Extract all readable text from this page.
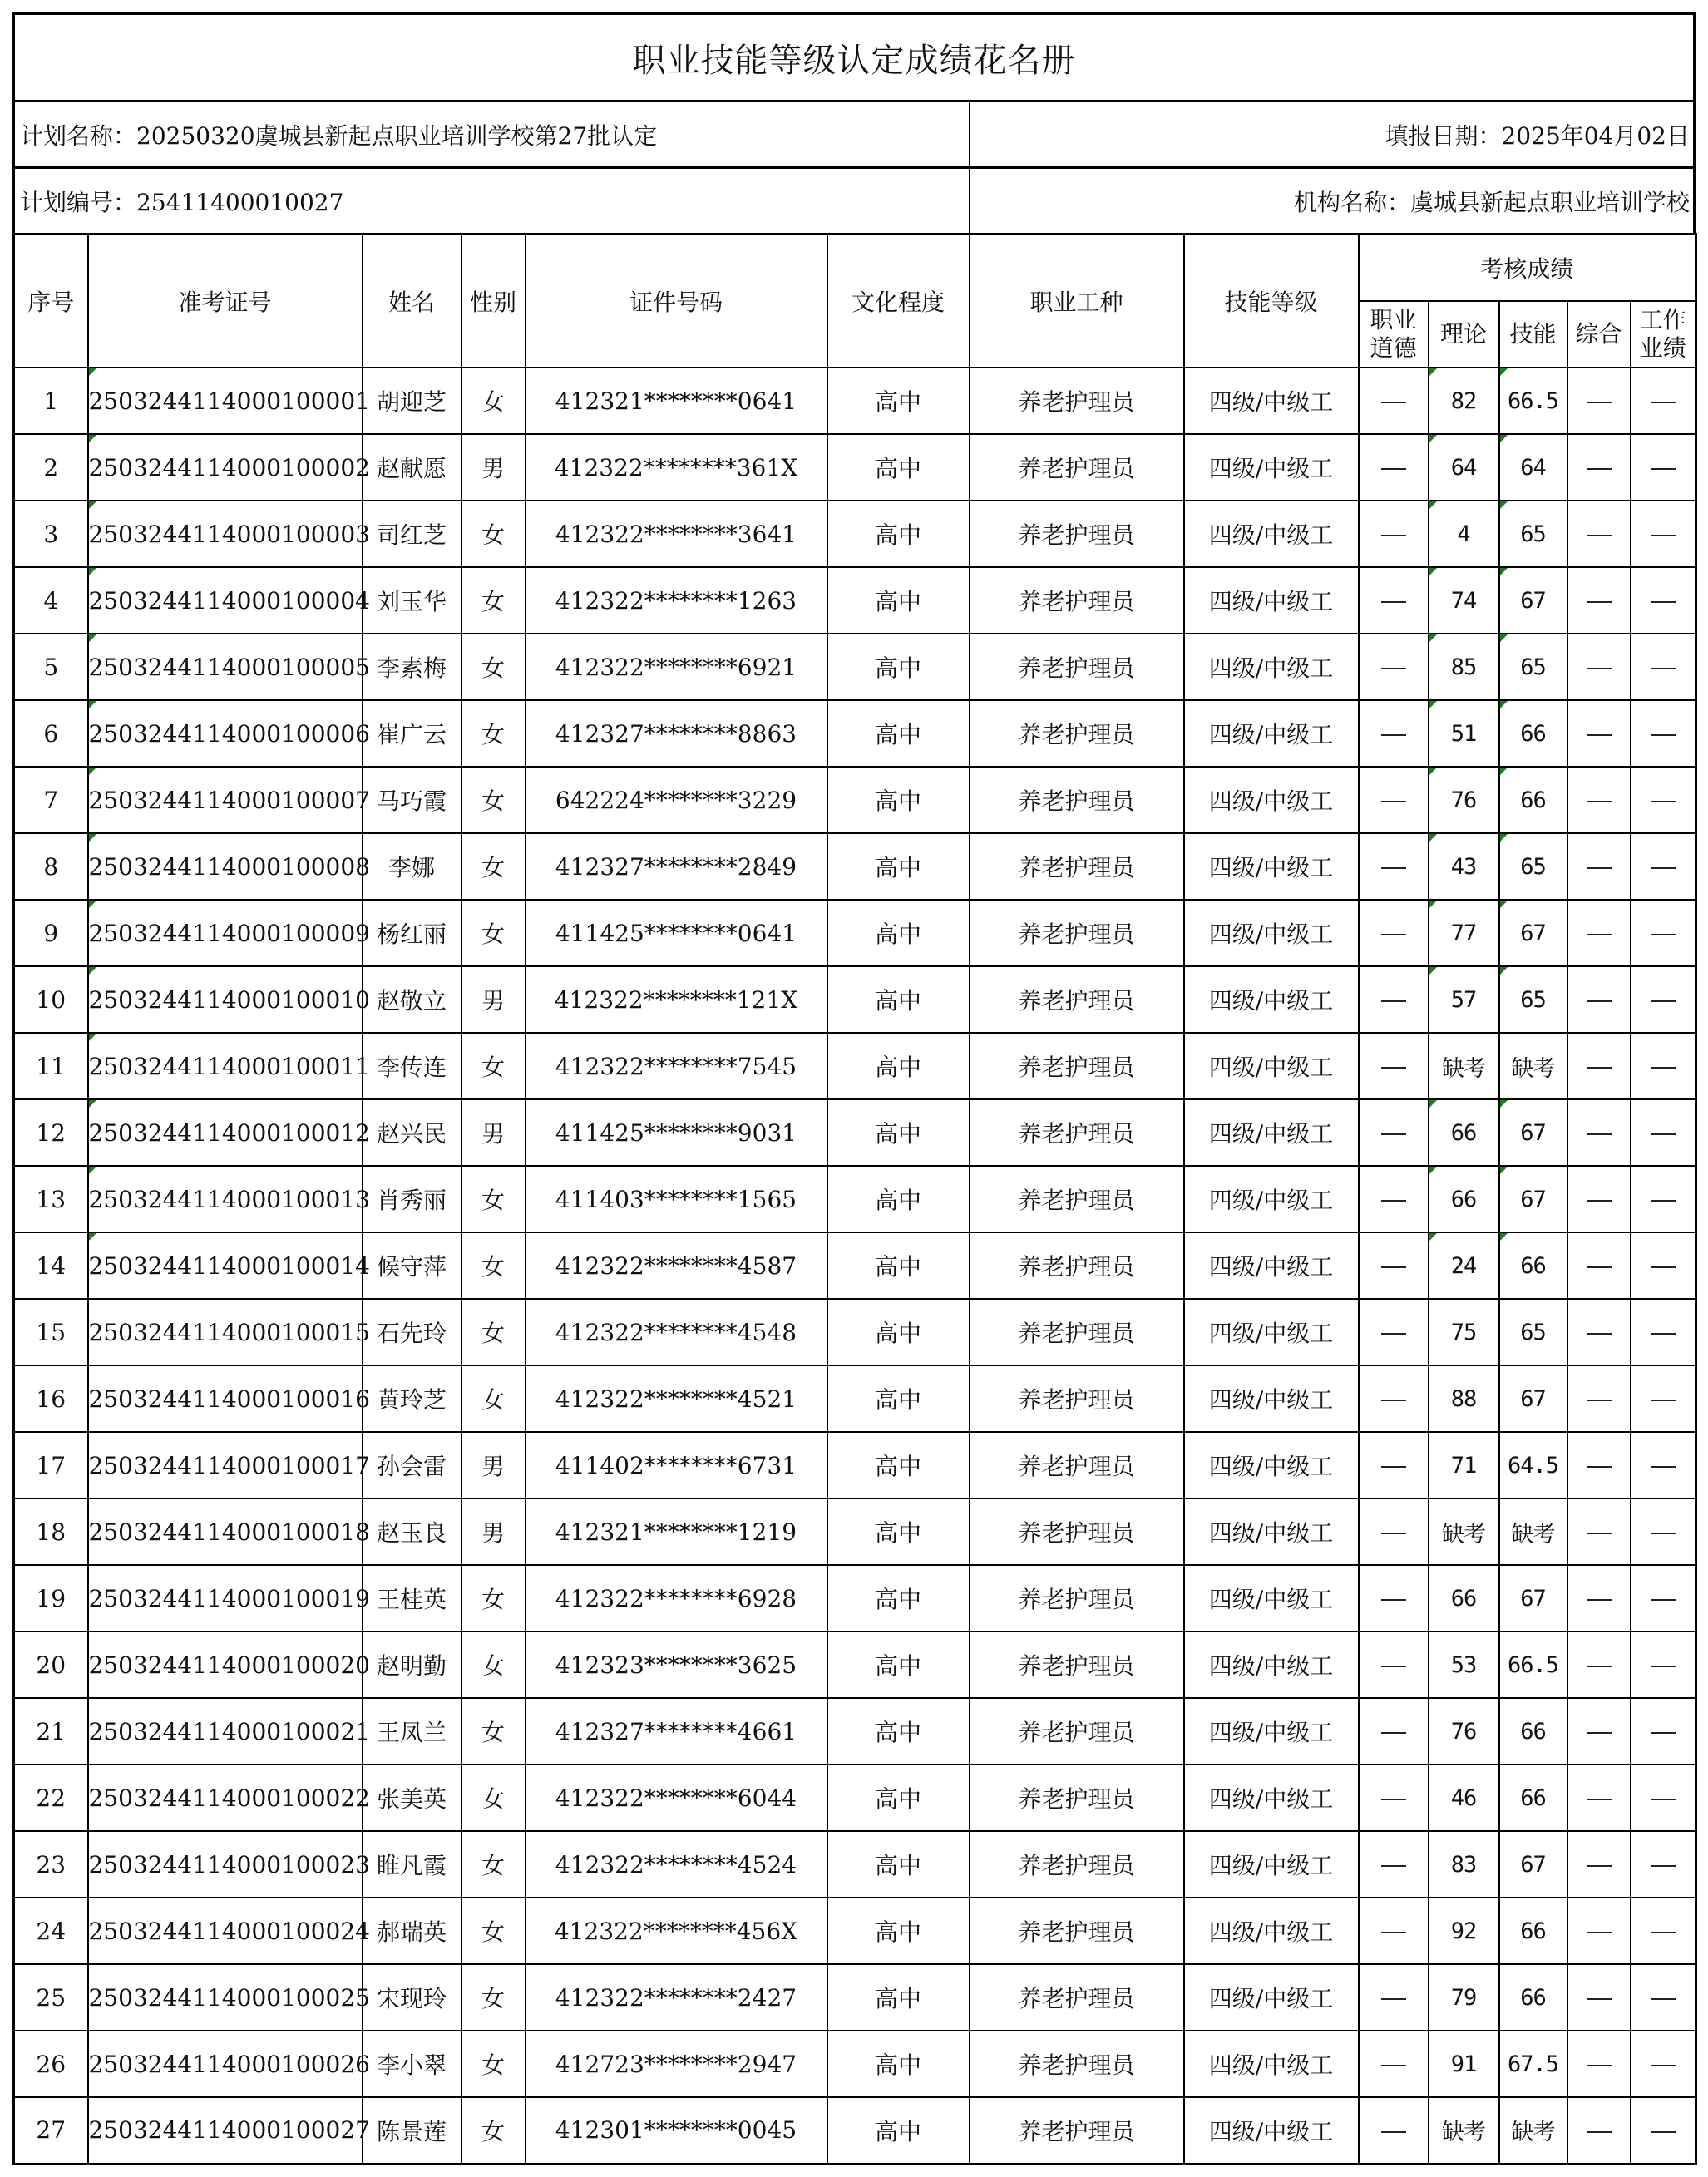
职业技能等级认定成绩花名册
计划名称：20250320虞城县新起点职业培训学校第27批认定	填报日期：2025年04月02日
计划编号：25411400010027	机构名称：虞城县新起点职业培训学校
序号	准考证号	姓名	性别	证件号码	文化程度	职业工种	技能等级	考核成绩				
								职业道德	理论	技能	综合	工作业绩
1	2503244114000100001	胡迎芝	女	412321********0641	高中	养老护理员	四级/中级工		82	66.5		
2	2503244114000100002	赵献愿	男	412322********361X	高中	养老护理员	四级/中级工		64	64		
3	2503244114000100003	司红芝	女	412322********3641	高中	养老护理员	四级/中级工		4	65		
4	2503244114000100004	刘玉华	女	412322********1263	高中	养老护理员	四级/中级工		74	67		
5	2503244114000100005	李素梅	女	412322********6921	高中	养老护理员	四级/中级工		85	65		
6	2503244114000100006	崔广云	女	412327********8863	高中	养老护理员	四级/中级工		51	66		
7	2503244114000100007	马巧霞	女	642224********3229	高中	养老护理员	四级/中级工		76	66		
8	2503244114000100008	李娜	女	412327********2849	高中	养老护理员	四级/中级工		43	65		
9	2503244114000100009	杨红丽	女	411425********0641	高中	养老护理员	四级/中级工		77	67		
10	2503244114000100010	赵敬立	男	412322********121X	高中	养老护理员	四级/中级工		57	65		
11	2503244114000100011	李传连	女	412322********7545	高中	养老护理员	四级/中级工		缺考	缺考		
12	2503244114000100012	赵兴民	男	411425********9031	高中	养老护理员	四级/中级工		66	67		
13	2503244114000100013	肖秀丽	女	411403********1565	高中	养老护理员	四级/中级工		66	67		
14	2503244114000100014	候守萍	女	412322********4587	高中	养老护理员	四级/中级工		24	66		
15	2503244114000100015	石先玲	女	412322********4548	高中	养老护理员	四级/中级工		75	65		
16	2503244114000100016	黄玲芝	女	412322********4521	高中	养老护理员	四级/中级工		88	67		
17	2503244114000100017	孙会雷	男	411402********6731	高中	养老护理员	四级/中级工		71	64.5		
18	2503244114000100018	赵玉良	男	412321********1219	高中	养老护理员	四级/中级工		缺考	缺考		
19	2503244114000100019	王桂英	女	412322********6928	高中	养老护理员	四级/中级工		66	67		
20	2503244114000100020	赵明勤	女	412323********3625	高中	养老护理员	四级/中级工		53	66.5		
21	2503244114000100021	王凤兰	女	412327********4661	高中	养老护理员	四级/中级工		76	66		
22	2503244114000100022	张美英	女	412322********6044	高中	养老护理员	四级/中级工		46	66		
23	2503244114000100023	睢凡霞	女	412322********4524	高中	养老护理员	四级/中级工		83	67		
24	2503244114000100024	郝瑞英	女	412322********456X	高中	养老护理员	四级/中级工		92	66		
25	2503244114000100025	宋现玲	女	412322********2427	高中	养老护理员	四级/中级工		79	66		
26	2503244114000100026	李小翠	女	412723********2947	高中	养老护理员	四级/中级工		91	67.5		
27	2503244114000100027	陈景莲	女	412301********0045	高中	养老护理员	四级/中级工		缺考	缺考		
